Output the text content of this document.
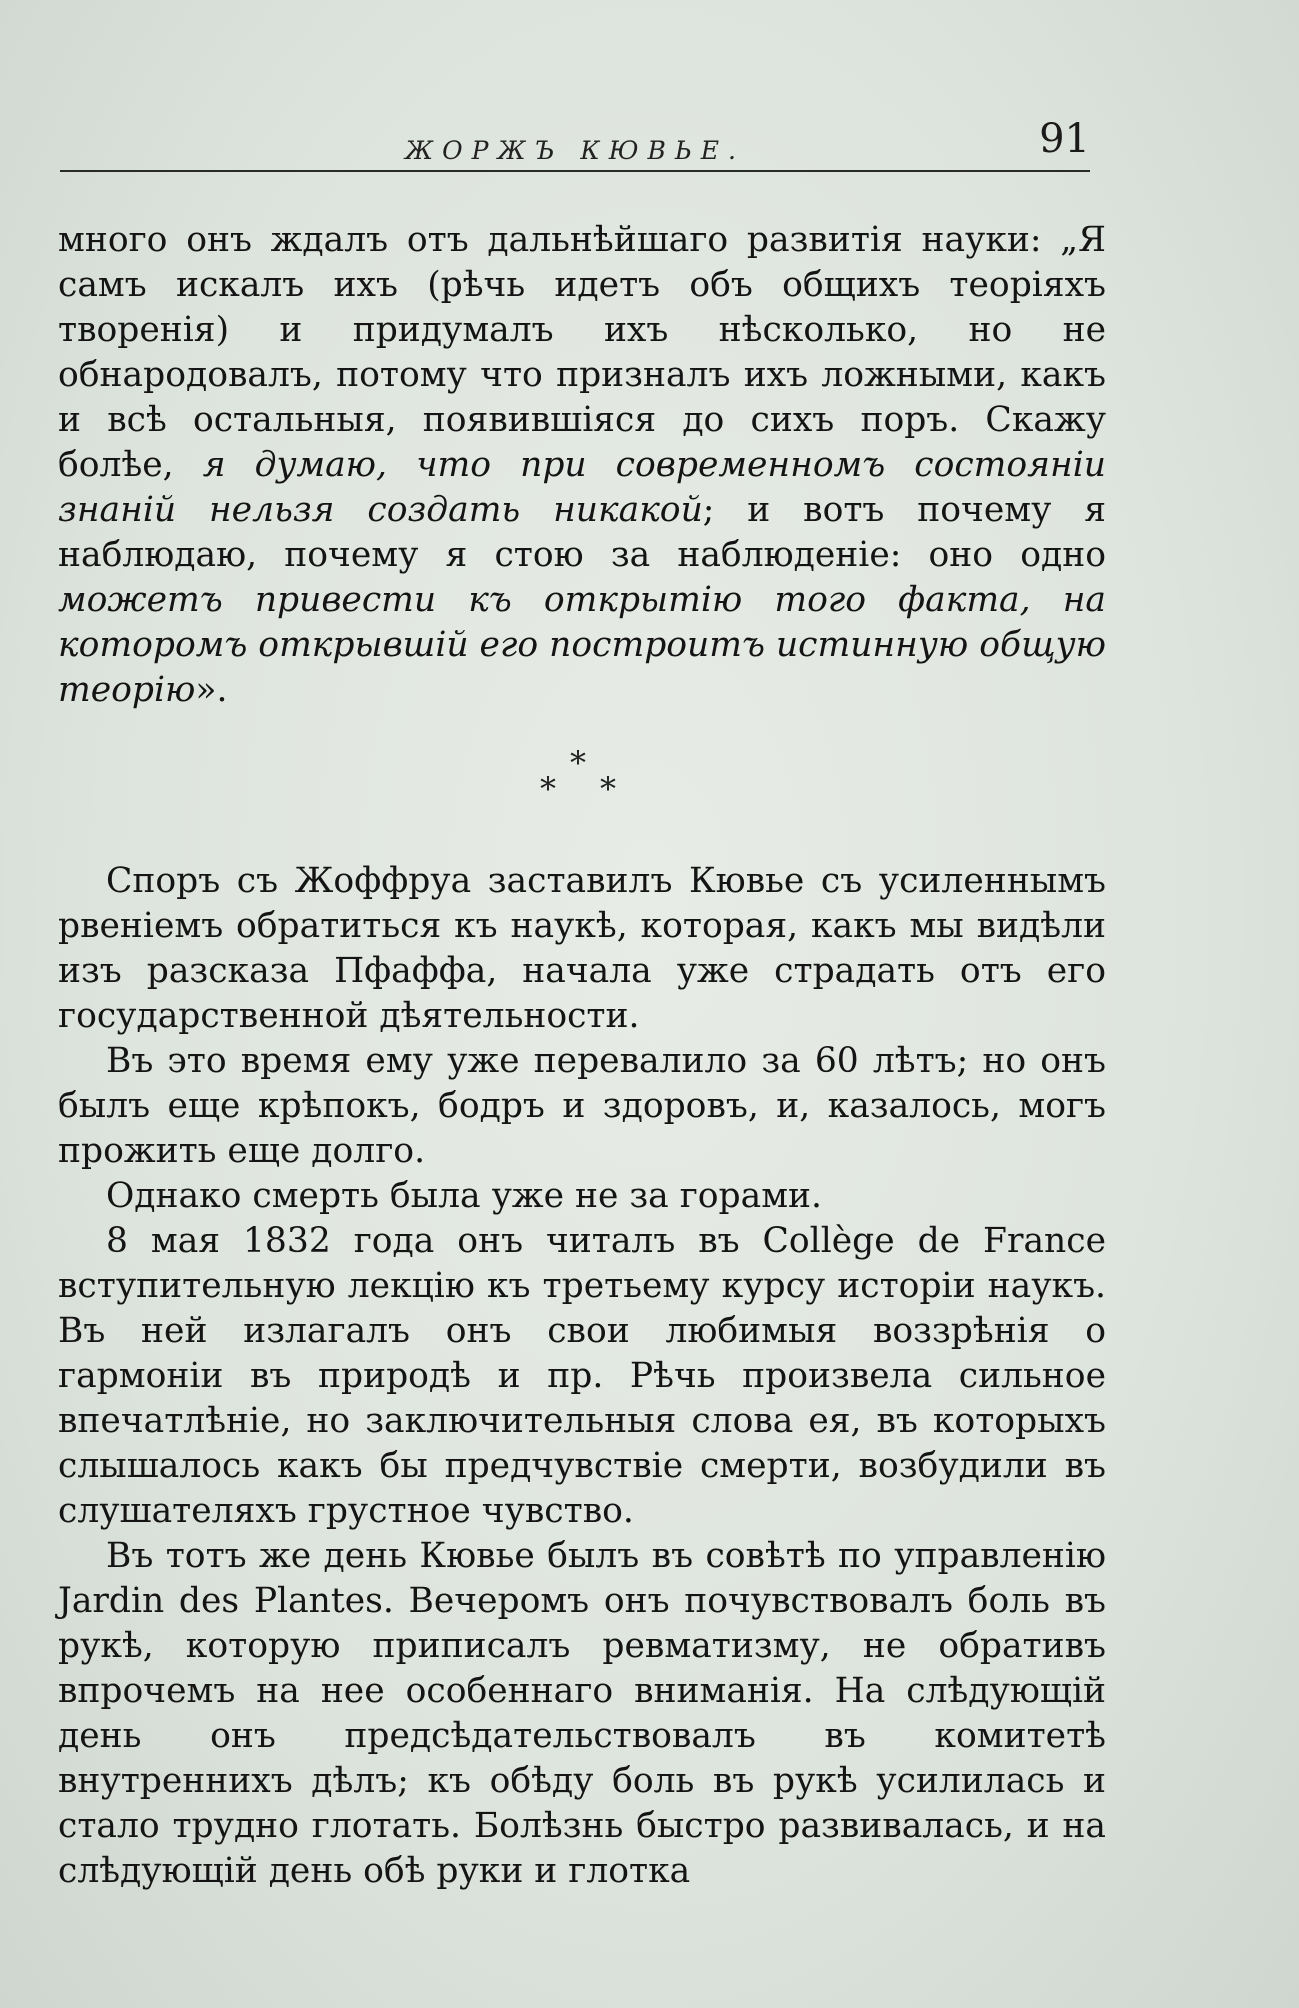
ЖОРЖЪ КЮВЬЕ.	91

много онъ ждалъ отъ дальнѣйшаго развитія науки: „Я самъ искалъ ихъ (рѣчь идетъ объ общихъ теоріяхъ творенія) и придумалъ ихъ нѣсколько, но не обнародовалъ, потому что призналъ ихъ ложными, какъ и всѣ остальныя, появившіяся до сихъ поръ. Скажу болѣе, я думаю, что при современномъ состояніи знаній нельзя создать никакой; и вотъ почему я наблюдаю, почему я стою за наблюденіе: оно одно можетъ привести къ открытію того факта, на которомъ открывшій его построитъ истинную общую теорію».

*
* *

Споръ съ Жоффруа заставилъ Кювье съ усиленнымъ рвеніемъ обратиться къ наукѣ, которая, какъ мы видѣли изъ разсказа Пфаффа, начала уже страдать отъ его государственной дѣятельности.

Въ это время ему уже перевалило за 60 лѣтъ; но онъ былъ еще крѣпокъ, бодръ и здоровъ, и, казалось, могъ прожить еще долго.

Однако смерть была уже не за горами.

8 мая 1832 года онъ читалъ въ Collège de France вступительную лекцію къ третьему курсу исторіи наукъ. Въ ней излагалъ онъ свои любимыя воззрѣнія о гармоніи въ природѣ и пр. Рѣчь произвела сильное впечатлѣніе, но заключительныя слова ея, въ которыхъ слышалось какъ бы предчувствіе смерти, возбудили въ слушателяхъ грустное чувство.

Въ тотъ же день Кювье былъ въ совѣтѣ по управленію Jardin des Plantes. Вечеромъ онъ почувствовалъ боль въ рукѣ, которую приписалъ ревматизму, не обративъ впрочемъ на нее особеннаго вниманія. На слѣдующій день онъ предсѣдательствовалъ въ комитетѣ внутреннихъ дѣлъ; къ обѣду боль въ рукѣ усилилась и стало трудно глотать. Болѣзнь быстро развивалась, и на слѣдующій день обѣ руки и глотка
